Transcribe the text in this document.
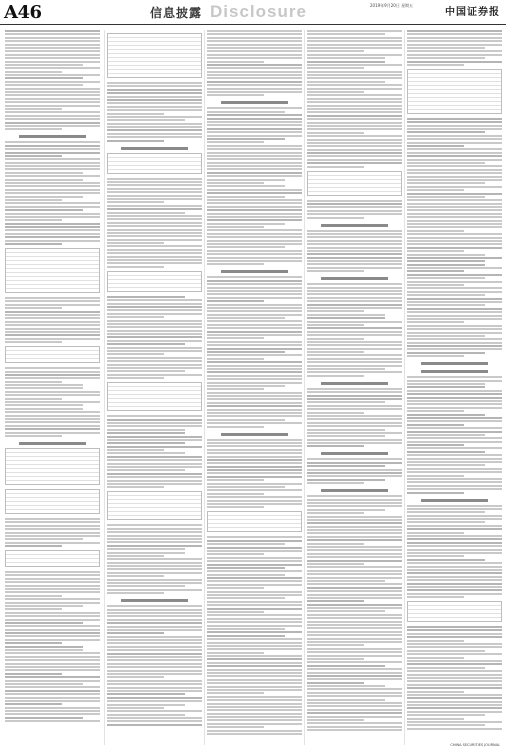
A46	信息披露 Disclosure	2019年9月20日 星期五
中国证券报
CHINA SECURITIES JOURNAL
